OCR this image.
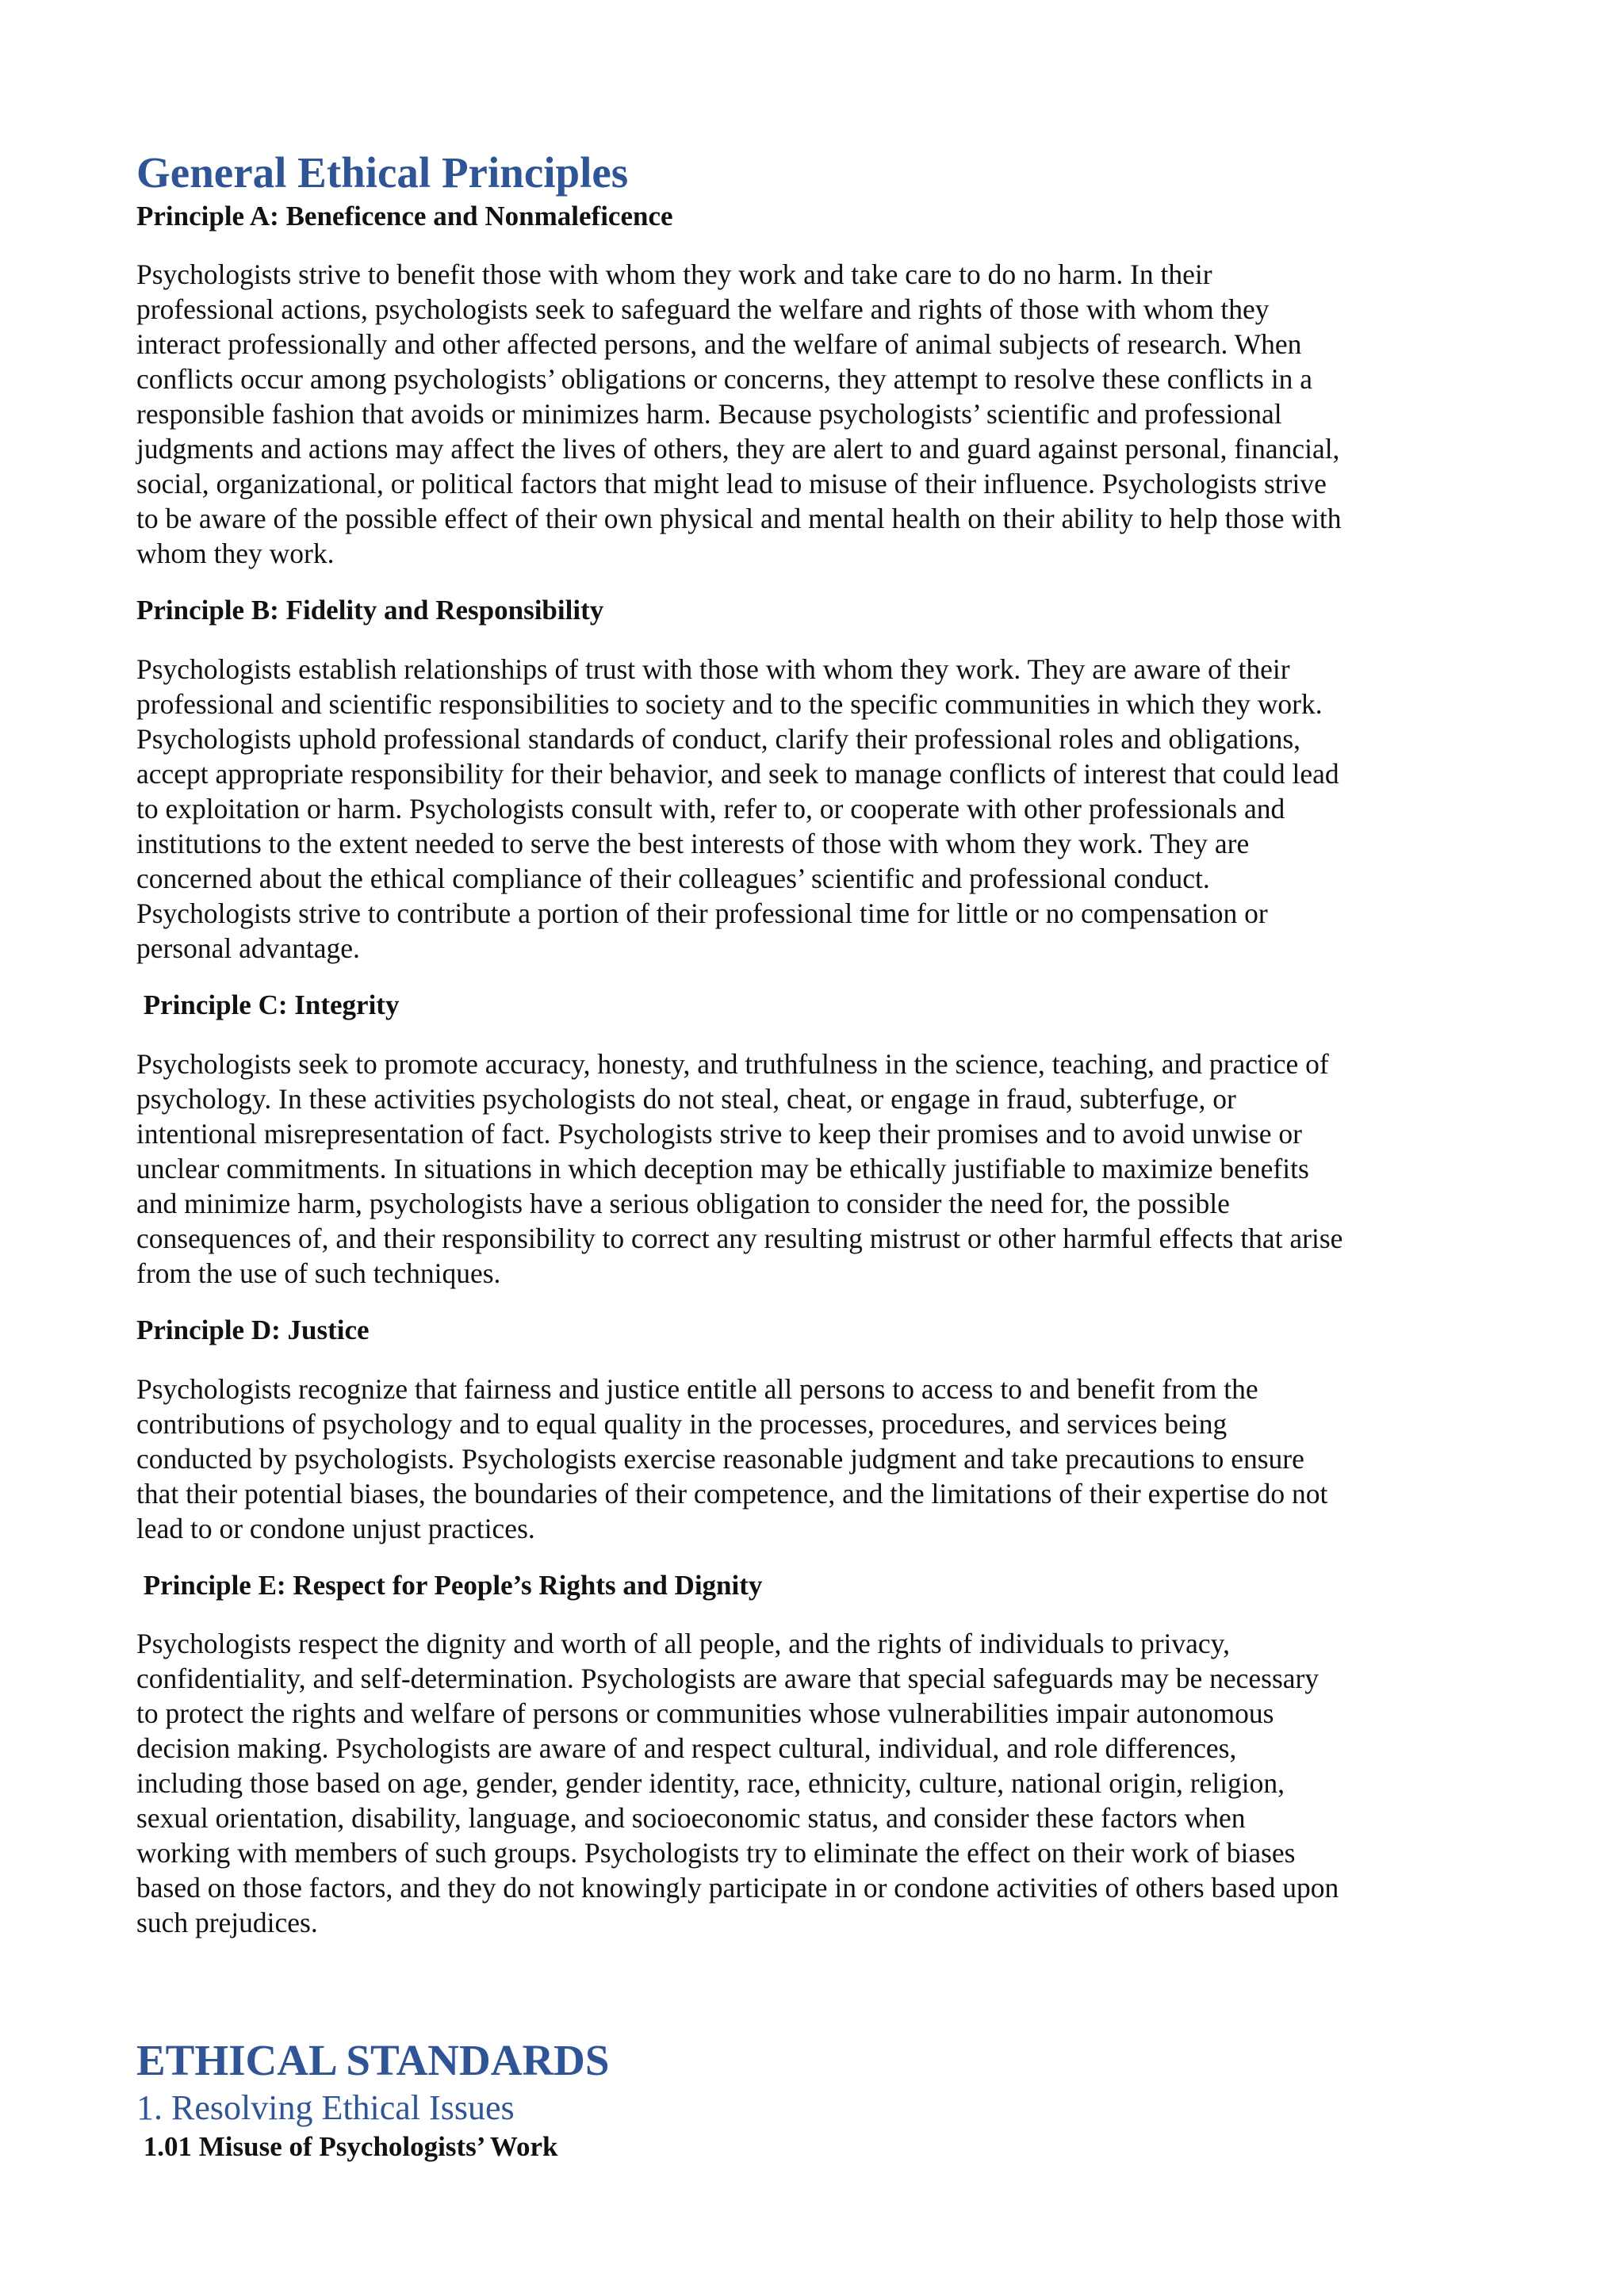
General Ethical Principles
Principle A: Beneficence and Nonmaleficence

Psychologists strive to benefit those with whom they work and take care to do no harm. In their
professional actions, psychologists seek to safeguard the welfare and rights of those with whom they
interact professionally and other affected persons, and the welfare of animal subjects of research. When
conflicts occur among psychologists’ obligations or concerns, they attempt to resolve these conflicts in a
responsible fashion that avoids or minimizes harm. Because psychologists’ scientific and professional
judgments and actions may affect the lives of others, they are alert to and guard against personal, financial,
social, organizational, or political factors that might lead to misuse of their influence. Psychologists strive
to be aware of the possible effect of their own physical and mental health on their ability to help those with
whom they work.

Principle B: Fidelity and Responsibility

Psychologists establish relationships of trust with those with whom they work. They are aware of their
professional and scientific responsibilities to society and to the specific communities in which they work.
Psychologists uphold professional standards of conduct, clarify their professional roles and obligations,
accept appropriate responsibility for their behavior, and seek to manage conflicts of interest that could lead
to exploitation or harm. Psychologists consult with, refer to, or cooperate with other professionals and
institutions to the extent needed to serve the best interests of those with whom they work. They are
concerned about the ethical compliance of their colleagues’ scientific and professional conduct.
Psychologists strive to contribute a portion of their professional time for little or no compensation or
personal advantage.

Principle C: Integrity

Psychologists seek to promote accuracy, honesty, and truthfulness in the science, teaching, and practice of
psychology. In these activities psychologists do not steal, cheat, or engage in fraud, subterfuge, or
intentional misrepresentation of fact. Psychologists strive to keep their promises and to avoid unwise or
unclear commitments. In situations in which deception may be ethically justifiable to maximize benefits
and minimize harm, psychologists have a serious obligation to consider the need for, the possible
consequences of, and their responsibility to correct any resulting mistrust or other harmful effects that arise
from the use of such techniques.

Principle D: Justice

Psychologists recognize that fairness and justice entitle all persons to access to and benefit from the
contributions of psychology and to equal quality in the processes, procedures, and services being
conducted by psychologists. Psychologists exercise reasonable judgment and take precautions to ensure
that their potential biases, the boundaries of their competence, and the limitations of their expertise do not
lead to or condone unjust practices.

Principle E: Respect for People’s Rights and Dignity

Psychologists respect the dignity and worth of all people, and the rights of individuals to privacy,
confidentiality, and self-determination. Psychologists are aware that special safeguards may be necessary
to protect the rights and welfare of persons or communities whose vulnerabilities impair autonomous
decision making. Psychologists are aware of and respect cultural, individual, and role differences,
including those based on age, gender, gender identity, race, ethnicity, culture, national origin, religion,
sexual orientation, disability, language, and socioeconomic status, and consider these factors when
working with members of such groups. Psychologists try to eliminate the effect on their work of biases
based on those factors, and they do not knowingly participate in or condone activities of others based upon
such prejudices.

ETHICAL STANDARDS
1. Resolving Ethical Issues
1.01 Misuse of Psychologists’ Work
